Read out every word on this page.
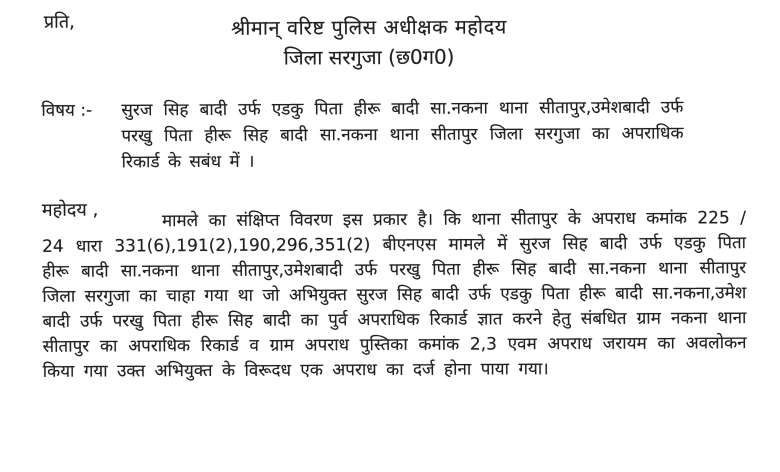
प्रति,	श्रीमान् वरिष्ट पुलिस अधीक्षक महोदय
जिला सरगुजा (छ0ग0)
विषय :-	सुरज सिह बादी उर्फ एडकु पिता हीरू बादी सा.नकना थाना सीतापुर,उमेशबादी उर्फ परखु पिता हीरू सिह बादी सा.नकना थाना सीतापुर जिला सरगुजा का अपराधिक रिकार्ड के सबंध में ।
महोदय ,	मामले का संक्षिप्त विवरण इस प्रकार है। कि थाना सीतापुर के अपराध कमांक 225 / 24 धारा 331(6),191(2),190,296,351(2) बीएनएस मामले में सुरज सिह बादी उर्फ एडकु पिता हीरू बादी सा.नकना थाना सीतापुर,उमेशबादी उर्फ परखु पिता हीरू सिह बादी सा.नकना थाना सीतापुर जिला सरगुजा का चाहा गया था जो अभियुक्त सुरज सिह बादी उर्फ एडकु पिता हीरू बादी सा.नकना,उमेश बादी उर्फ परखु पिता हीरू सिह बादी का पुर्व अपराधिक रिकार्ड ज्ञात करने हेतु संबधित ग्राम नकना थाना सीतापुर का अपराधिक रिकार्ड व ग्राम अपराध पुस्तिका कमांक 2,3 एवम अपराध जरायम का अवलोकन किया गया उक्त अभियुक्त के विरूदध एक अपराध का दर्ज होना पाया गया।
